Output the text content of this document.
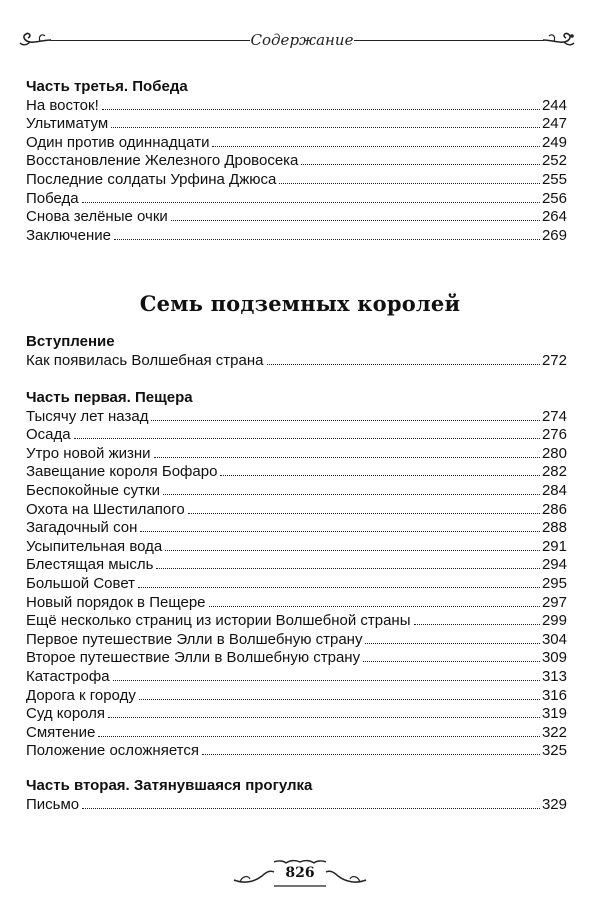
Содержание
Часть третья. Победа
На восток!	244
Ультиматум	247
Один против одиннадцати	249
Восстановление Железного Дровосека	252
Последние солдаты Урфина Джюса	255
Победа	256
Снова зелёные очки	264
Заключение	269
Семь подземных королей
Вступление
Как появилась Волшебная страна	272
Часть первая. Пещера
Тысячу лет назад	274
Осада	276
Утро новой жизни	280
Завещание короля Бофаро	282
Беспокойные сутки	284
Охота на Шестилапого	286
Загадочный сон	288
Усыпительная вода	291
Блестящая мысль	294
Большой Совет	295
Новый порядок в Пещере	297
Ещё несколько страниц из истории Волшебной страны	299
Первое путешествие Элли в Волшебную страну	304
Второе путешествие Элли в Волшебную страну	309
Катастрофа	313
Дорога к городу	316
Суд короля	319
Смятение	322
Положение осложняется	325
Часть вторая. Затянувшаяся прогулка
Письмо	329
826
